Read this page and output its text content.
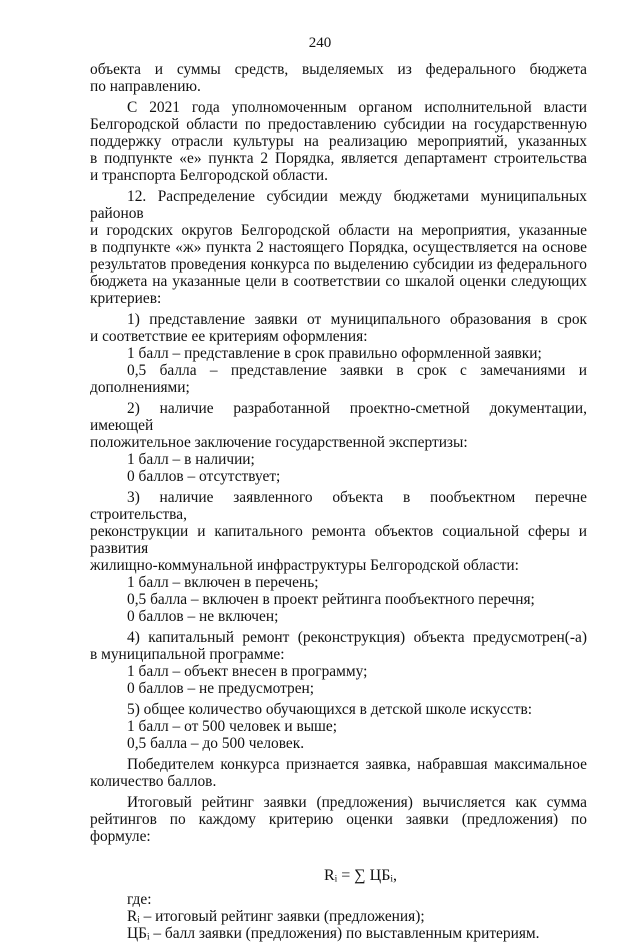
240
объекта и суммы средств, выделяемых из федерального бюджета
по направлению.
С 2021 года уполномоченным органом исполнительной власти
Белгородской области по предоставлению субсидии на государственную
поддержку отрасли культуры на реализацию мероприятий, указанных
в подпункте «е» пункта 2 Порядка, является департамент строительства
и транспорта Белгородской области.
12. Распределение субсидии между бюджетами муниципальных районов
и городских округов Белгородской области на мероприятия, указанные
в подпункте «ж» пункта 2 настоящего Порядка, осуществляется на основе
результатов проведения конкурса по выделению субсидии из федерального
бюджета на указанные цели в соответствии со шкалой оценки следующих
критериев:
1) представление заявки от муниципального образования в срок
и соответствие ее критериям оформления:
1 балл – представление в срок правильно оформленной заявки;
0,5 балла – представление заявки в срок с замечаниями и дополнениями;
2) наличие разработанной проектно-сметной документации, имеющей
положительное заключение государственной экспертизы:
1 балл – в наличии;
0 баллов – отсутствует;
3) наличие заявленного объекта в пообъектном перечне строительства,
реконструкции и капитального ремонта объектов социальной сферы и развития
жилищно-коммунальной инфраструктуры Белгородской области:
1 балл – включен в перечень;
0,5 балла – включен в проект рейтинга пообъектного перечня;
0 баллов – не включен;
4) капитальный ремонт (реконструкция) объекта предусмотрен(-а)
в муниципальной программе:
1 балл – объект внесен в программу;
0 баллов – не предусмотрен;
5) общее количество обучающихся в детской школе искусств:
1 балл – от 500 человек и выше;
0,5 балла – до 500 человек.
Победителем конкурса признается заявка, набравшая максимальное
количество баллов.
Итоговый рейтинг заявки (предложения) вычисляется как сумма
рейтингов по каждому критерию оценки заявки (предложения) по формуле:
Rᵢ = ∑ ЦБᵢ,
где:
Rᵢ – итоговый рейтинг заявки (предложения);
ЦБᵢ – балл заявки (предложения) по выставленным критериям.
